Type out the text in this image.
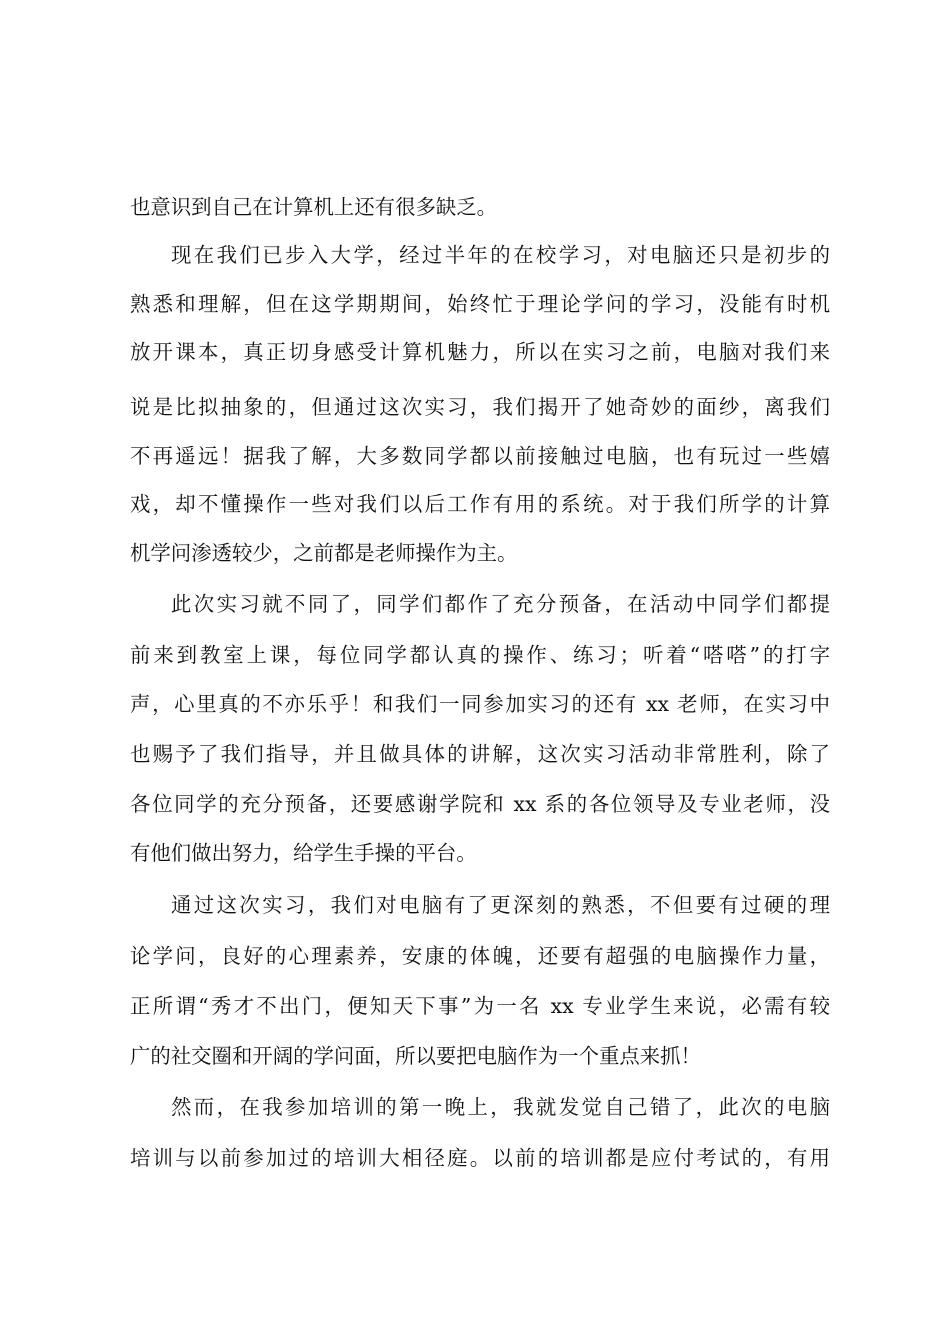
也意识到自己在计算机上还有很多缺乏。
现在我们已步入大学，经过半年的在校学习，对电脑还只是初步的
熟悉和理解，但在这学期期间，始终忙于理论学问的学习，没能有时机
放开课本，真正切身感受计算机魅力，所以在实习之前，电脑对我们来
说是比拟抽象的，但通过这次实习，我们揭开了她奇妙的面纱，离我们
不再遥远！据我了解，大多数同学都以前接触过电脑，也有玩过一些嬉
戏，却不懂操作一些对我们以后工作有用的系统。对于我们所学的计算
机学问渗透较少，之前都是老师操作为主。
此次实习就不同了，同学们都作了充分预备，在活动中同学们都提
前来到教室上课，每位同学都认真的操作、练习；听着“嗒嗒”的打字
声，心里真的不亦乐乎！和我们一同参加实习的还有 xx 老师，在实习中
也赐予了我们指导，并且做具体的讲解，这次实习活动非常胜利，除了
各位同学的充分预备，还要感谢学院和 xx 系的各位领导及专业老师，没
有他们做出努力，给学生手操的平台。
通过这次实习，我们对电脑有了更深刻的熟悉，不但要有过硬的理
论学问，良好的心理素养，安康的体魄，还要有超强的电脑操作力量，
正所谓“秀才不出门，便知天下事”为一名 xx 专业学生来说，必需有较
广的社交圈和开阔的学问面，所以要把电脑作为一个重点来抓！
然而，在我参加培训的第一晚上，我就发觉自己错了，此次的电脑
培训与以前参加过的培训大相径庭。以前的培训都是应付考试的，有用
